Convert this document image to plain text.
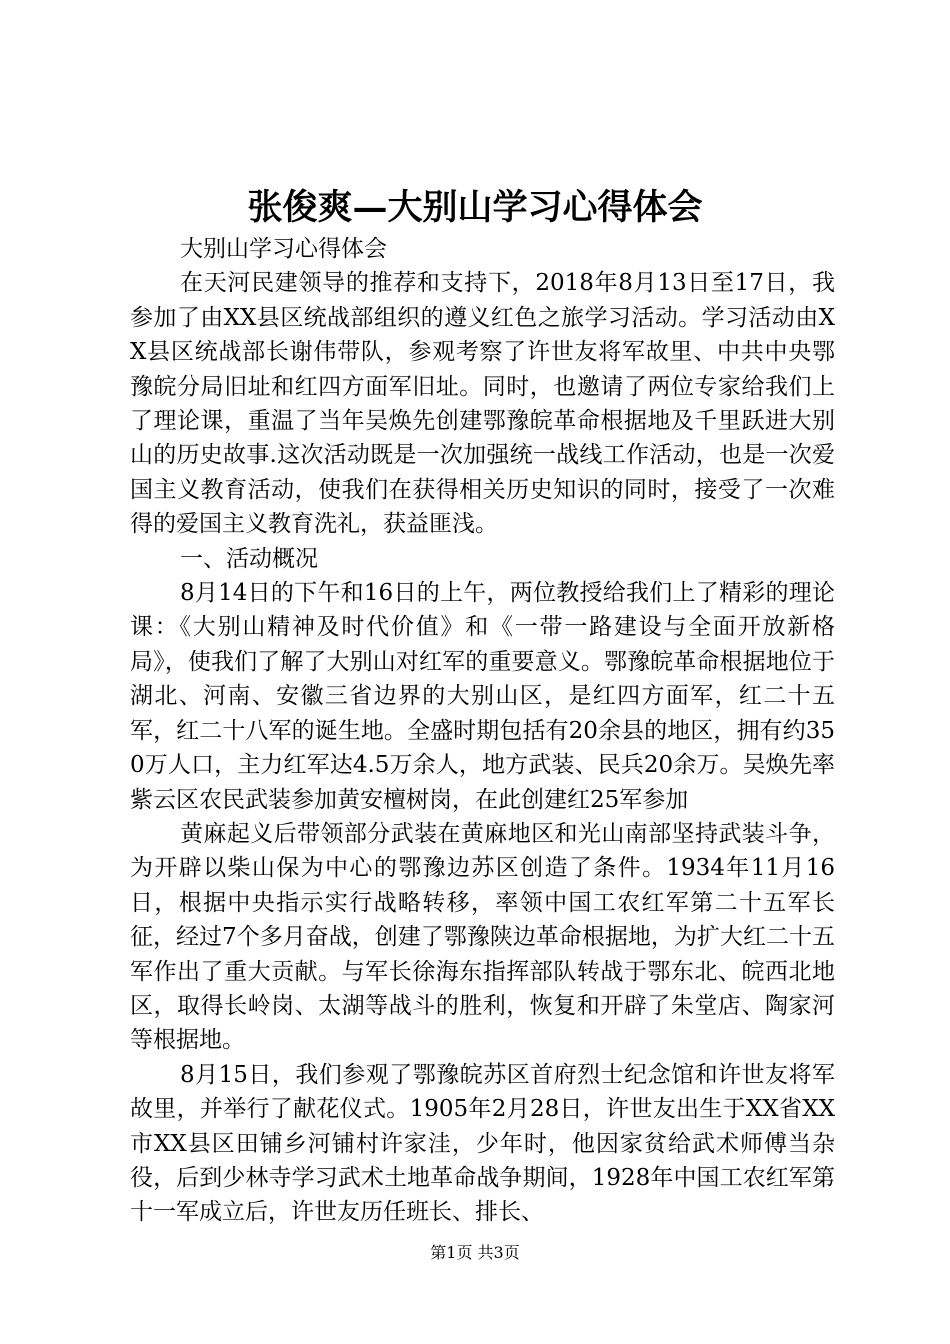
张俊爽—大别山学习心得体会

大别山学习心得体会

在天河民建领导的推荐和支持下，2018年8月13日至17日，我参加了由XX县区统战部组织的遵义红色之旅学习活动。学习活动由XX县区统战部长谢伟带队，参观考察了许世友将军故里、中共中央鄂豫皖分局旧址和红四方面军旧址。同时，也邀请了两位专家给我们上了理论课，重温了当年吴焕先创建鄂豫皖革命根据地及千里跃进大别山的历史故事.这次活动既是一次加强统一战线工作活动，也是一次爱国主义教育活动，使我们在获得相关历史知识的同时，接受了一次难得的爱国主义教育洗礼，获益匪浅。

一、活动概况

8月14日的下午和16日的上午，两位教授给我们上了精彩的理论课：《大别山精神及时代价值》和《一带一路建设与全面开放新格局》，使我们了解了大别山对红军的重要意义。鄂豫皖革命根据地位于湖北、河南、安徽三省边界的大别山区，是红四方面军，红二十五军，红二十八军的诞生地。全盛时期包括有20余县的地区，拥有约350万人口，主力红军达4.5万余人，地方武装、民兵20余万。吴焕先率紫云区农民武装参加黄安檀树岗，在此创建红25军参加

黄麻起义后带领部分武装在黄麻地区和光山南部坚持武装斗争，为开辟以柴山保为中心的鄂豫边苏区创造了条件。1934年11月16日，根据中央指示实行战略转移，率领中国工农红军第二十五军长征，经过7个多月奋战，创建了鄂豫陕边革命根据地，为扩大红二十五军作出了重大贡献。与军长徐海东指挥部队转战于鄂东北、皖西北地区，取得长岭岗、太湖等战斗的胜利，恢复和开辟了朱堂店、陶家河等根据地。

8月15日，我们参观了鄂豫皖苏区首府烈士纪念馆和许世友将军故里，并举行了献花仪式。1905年2月28日，许世友出生于XX省XX市XX县区田铺乡河铺村许家洼，少年时，他因家贫给武术师傅当杂役，后到少林寺学习武术土地革命战争期间，1928年中国工农红军第十一军成立后，许世友历任班长、排长、

第1页 共3页
